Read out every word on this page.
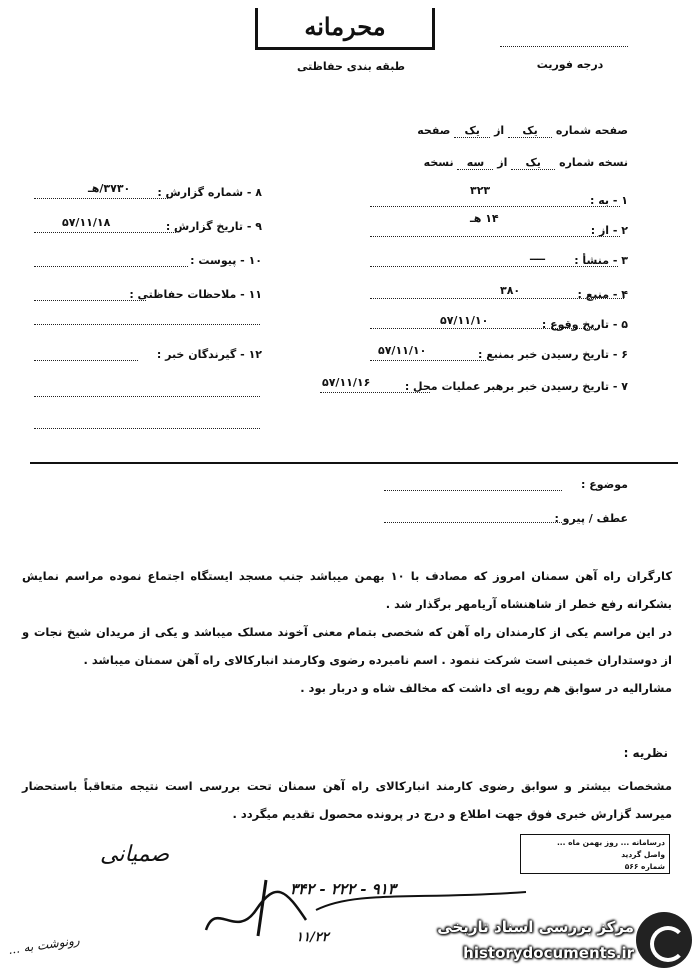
محرمانه
طبقه بندی حفاظتی	درجه فوریت
صفحه شماره یک از یک صفحه
نسخه شماره یک از سه نسخه
۱ - به :
۳۲۳
۲ - از :
۱۴ هـ
۳ - منشأ :
ــــ
۴ - منبع :
۳۸۰
۵ - تاریخ وقوع :
۵۷/۱۱/۱۰
۶ - تاریخ رسیدن خبر بمنبع :
۵۷/۱۱/۱۰
۷ - تاریخ رسیدن خبر برهبر عملیات محل :
۵۷/۱۱/۱۶
۸ - شماره گزارش :
۳۷۳۰/هـ
۹ - تاریخ گزارش :
۵۷/۱۱/۱۸
۱۰ - پیوست :
۱۱ - ملاحظات حفاظتی :
۱۲ - گیرندگان خبر :
موضوع :
عطف / پیرو :

کارگران راه آهن سمنان امروز که مصادف با ۱۰ بهمن میباشد جنب مسجد ایستگاه اجتماع نموده مراسم نمایش بشکرانه رفع خطر از شاهنشاه آریامهر برگذار شد .

در این مراسم یکی از کارمندان راه آهن که شخصی بتمام معنی آخوند مسلک میباشد و یکی از مریدان شیخ نجات و از دوستداران خمینی است شرکت ننمود . اسم نامبرده رضوی وکارمند انبارکالای راه آهن سمنان میباشد .

مشارالیه در سوابق هم رویه ای داشت که مخالف شاه و دربار بود .

نظریه :
مشخصات بیشتر و سوابق رضوی کارمند انبارکالای راه آهن سمنان تحت بررسی است نتیجه متعاقباً باستحضار میرسد گزارش خبری فوق جهت اطلاع و درج در پرونده محصول تقدیم میگردد .
درسامانه ... روز بهمن ماه ...
واصل گردید
شماره ۵۶۶
صمیانی
۳۴۲ - ۲۲۲ - ۹۱۳
۱۱/۲۲
رونوشت به ...
مرکز بررسی اسناد تاریخی
historydocuments.ir
